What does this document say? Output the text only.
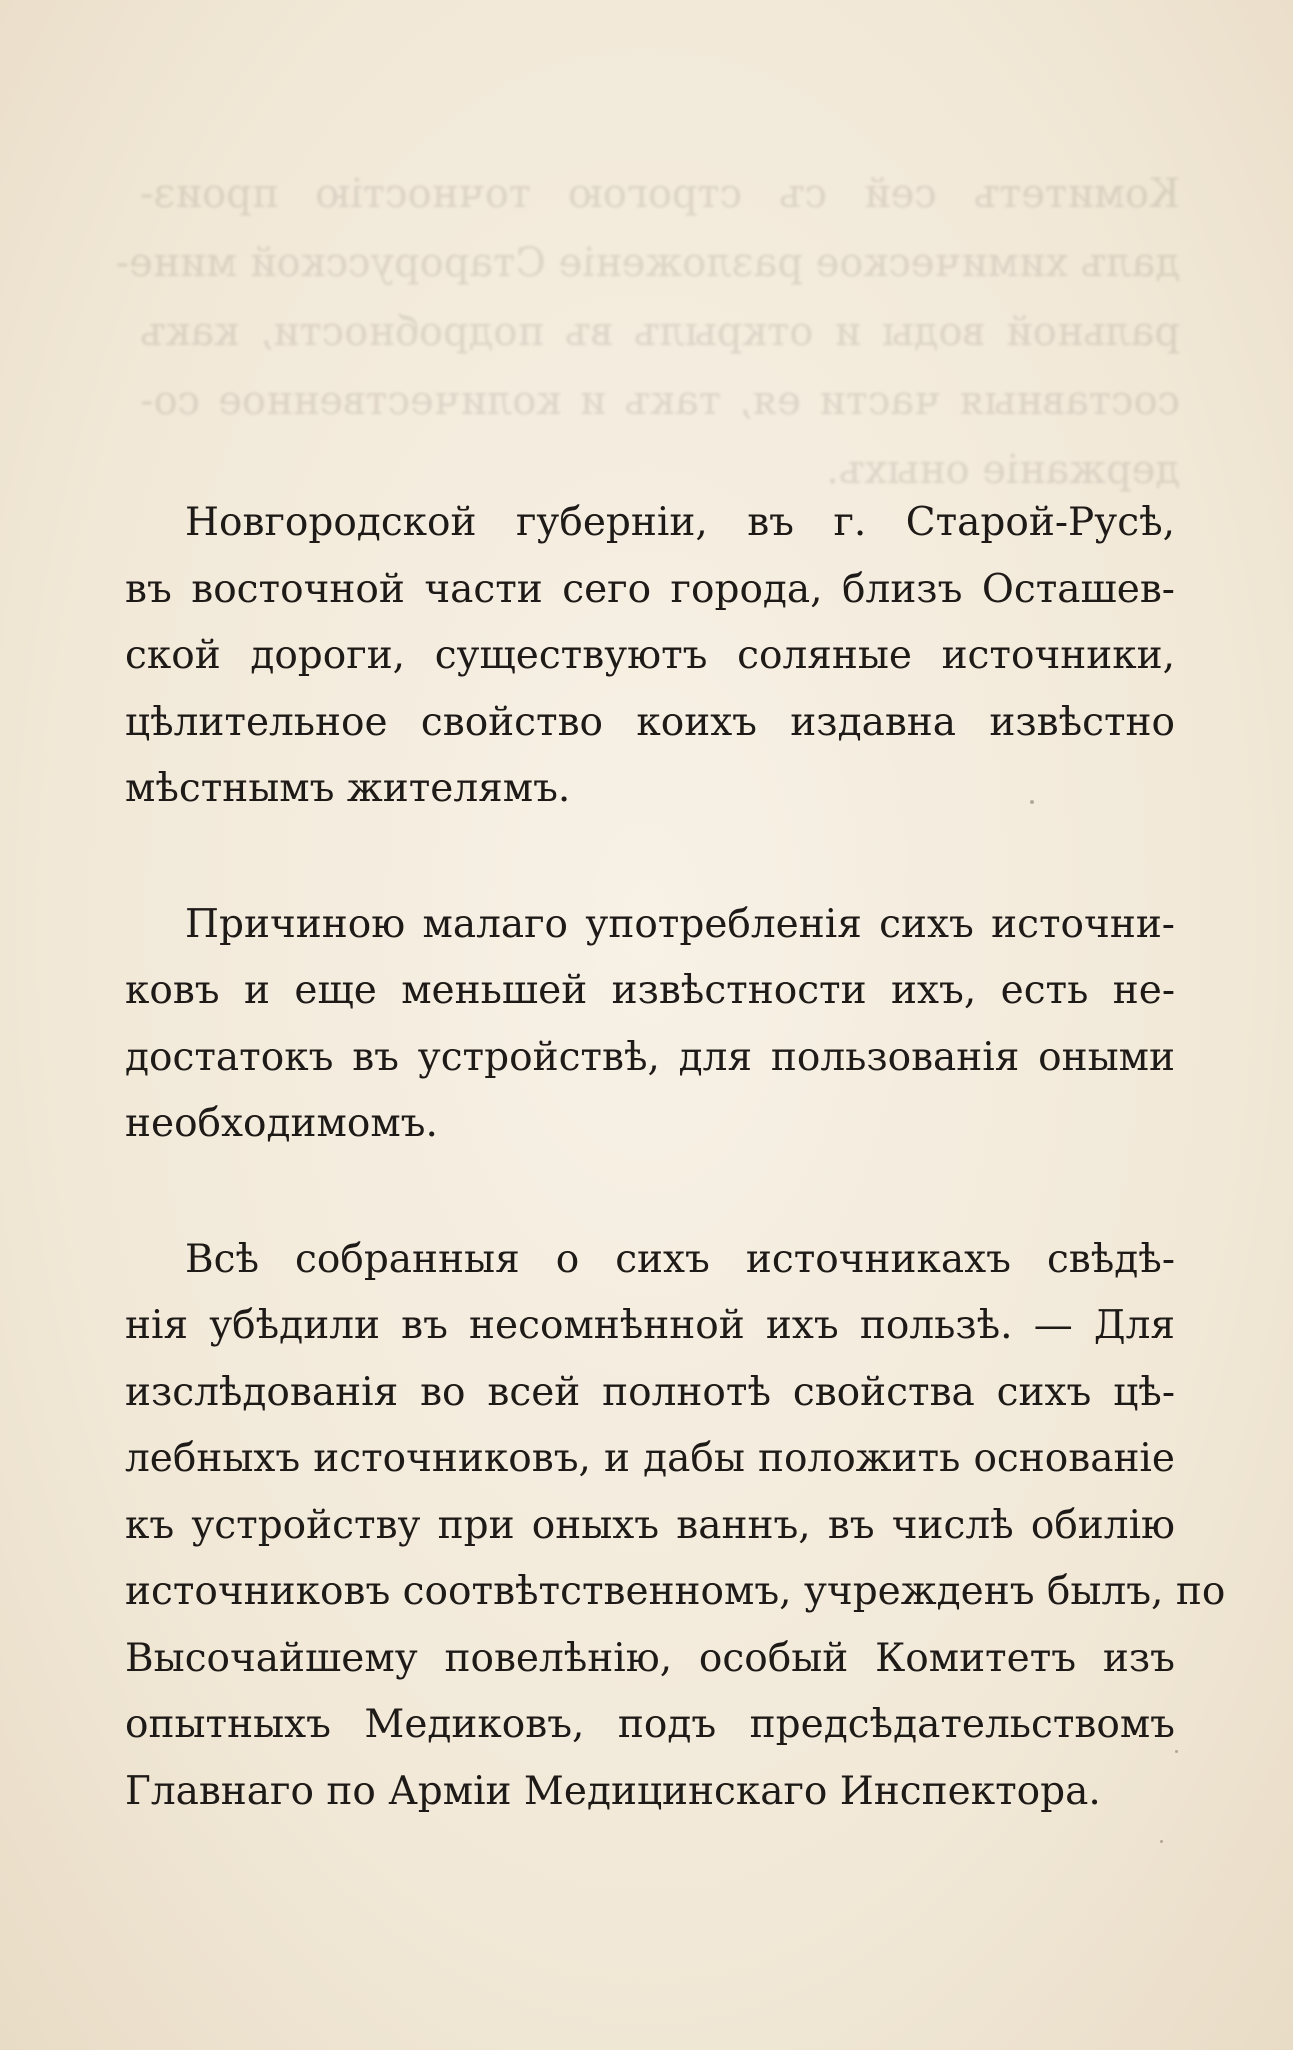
Комитетъ сей съ строгою точностію произ-

далъ химическое разложеніе Старорусской мине-

ральной воды и открылъ въ подробности, какъ

составныя части ея, такъ и количественное со-

держаніе оныхъ.

Новгородской губерніи, въ г. Старой-Русѣ,
въ восточной части сего города, близъ Осташев-
ской дороги, существуютъ соляные источники,
цѣлительное свойство коихъ издавна извѣстно
мѣстнымъ жителямъ.

Причиною малаго употребленія сихъ источни-
ковъ и еще меньшей извѣстности ихъ, есть не-
достатокъ въ устройствѣ, для пользованія оными
необходимомъ.

Всѣ собранныя о сихъ источникахъ свѣдѣ-
нія убѣдили въ несомнѣнной ихъ пользѣ. — Для
изслѣдованія во всей полнотѣ свойства сихъ цѣ-
лебныхъ источниковъ, и дабы положить основаніе
къ устройству при оныхъ ваннъ, въ числѣ обилію
источниковъ соотвѣтственномъ, учрежденъ былъ, по
Высочайшему повелѣнію, особый Комитетъ изъ
опытныхъ Медиковъ, подъ предсѣдательствомъ
Главнаго по Арміи Медицинскаго Инспектора.
